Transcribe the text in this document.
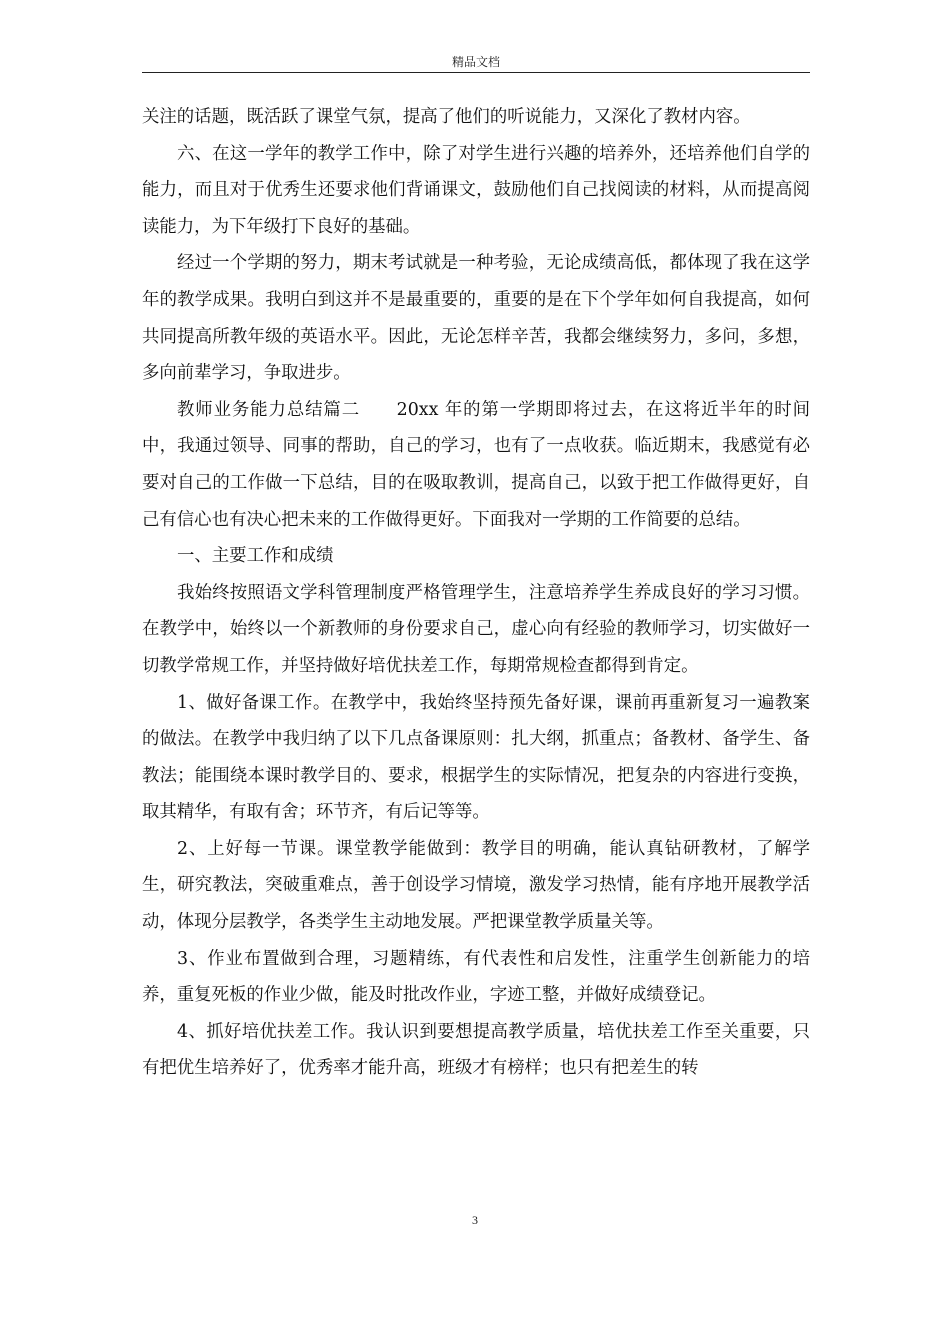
精品文档

关注的话题，既活跃了课堂气氛，提高了他们的听说能力，又深化了教材内容。

六、在这一学年的教学工作中，除了对学生进行兴趣的培养外，还培养他们自学的能力，而且对于优秀生还要求他们背诵课文，鼓励他们自己找阅读的材料，从而提高阅读能力，为下年级打下良好的基础。

经过一个学期的努力，期末考试就是一种考验，无论成绩高低，都体现了我在这学年的教学成果。我明白到这并不是最重要的，重要的是在下个学年如何自我提高，如何共同提高所教年级的英语水平。因此，无论怎样辛苦，我都会继续努力，多问，多想，多向前辈学习，争取进步。

教师业务能力总结篇二　　20xx 年的第一学期即将过去，在这将近半年的时间中，我通过领导、同事的帮助，自己的学习，也有了一点收获。临近期末，我感觉有必要对自己的工作做一下总结，目的在吸取教训，提高自己，以致于把工作做得更好，自己有信心也有决心把未来的工作做得更好。下面我对一学期的工作简要的总结。

一、主要工作和成绩

我始终按照语文学科管理制度严格管理学生，注意培养学生养成良好的学习习惯。在教学中，始终以一个新教师的身份要求自己，虚心向有经验的教师学习，切实做好一切教学常规工作，并坚持做好培优扶差工作，每期常规检查都得到肯定。

1、做好备课工作。在教学中，我始终坚持预先备好课，课前再重新复习一遍教案的做法。在教学中我归纳了以下几点备课原则：扎大纲，抓重点；备教材、备学生、备教法；能围绕本课时教学目的、要求，根据学生的实际情况，把复杂的内容进行变换，取其精华，有取有舍；环节齐，有后记等等。

2、上好每一节课。课堂教学能做到：教学目的明确，能认真钻研教材，了解学生，研究教法，突破重难点，善于创设学习情境，激发学习热情，能有序地开展教学活动，体现分层教学，各类学生主动地发展。严把课堂教学质量关等。

3、作业布置做到合理，习题精练，有代表性和启发性，注重学生创新能力的培养，重复死板的作业少做，能及时批改作业，字迹工整，并做好成绩登记。

4、抓好培优扶差工作。我认识到要想提高教学质量，培优扶差工作至关重要，只有把优生培养好了，优秀率才能升高，班级才有榜样；也只有把差生的转

3
